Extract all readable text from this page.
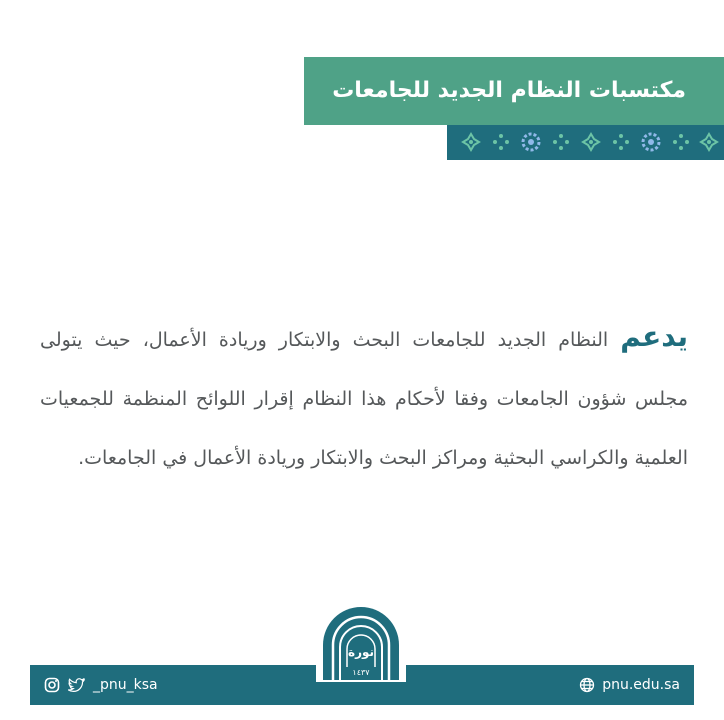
مكتسبات النظام الجديد للجامعات

يدعم النظام الجديد للجامعات البحث والابتكار وريادة الأعمال، حيث يتولى مجلس شؤون الجامعات وفقا لأحكام هذا النظام إقرار اللوائح المنظمة للجمعيات العلمية والكراسي البحثية ومراكز البحث والابتكار وريادة الأعمال في الجامعات.

_pnu_ksa	pnu.edu.sa
نورة
١٤٣٧
